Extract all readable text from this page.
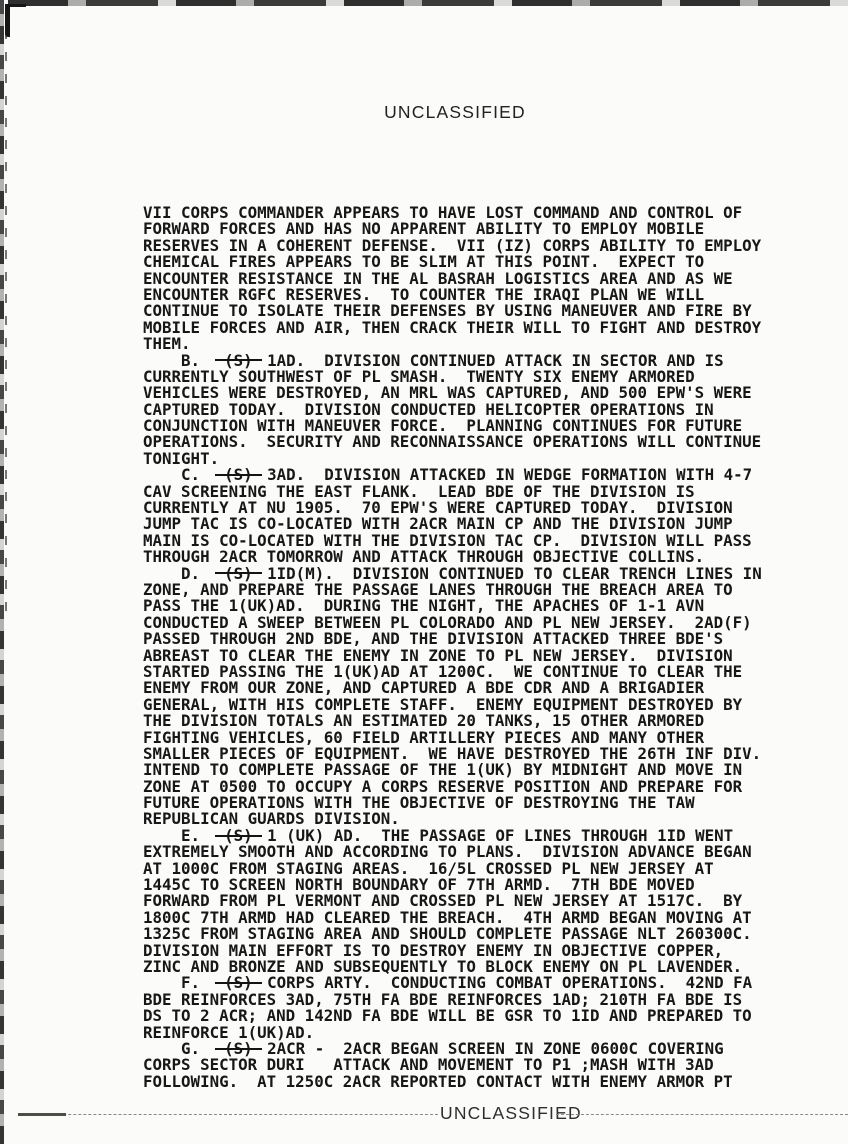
UNCLASSIFIED
VII CORPS COMMANDER APPEARS TO HAVE LOST COMMAND AND CONTROL OF
FORWARD FORCES AND HAS NO APPARENT ABILITY TO EMPLOY MOBILE
RESERVES IN A COHERENT DEFENSE.  VII (IZ) CORPS ABILITY TO EMPLOY
CHEMICAL FIRES APPEARS TO BE SLIM AT THIS POINT.  EXPECT TO
ENCOUNTER RESISTANCE IN THE AL BASRAH LOGISTICS AREA AND AS WE
ENCOUNTER RGFC RESERVES.  TO COUNTER THE IRAQI PLAN WE WILL
CONTINUE TO ISOLATE THEIR DEFENSES BY USING MANEUVER AND FIRE BY
MOBILE FORCES AND AIR, THEN CRACK THEIR WILL TO FIGHT AND DESTROY
THEM.
B.  (S) 1AD.  DIVISION CONTINUED ATTACK IN SECTOR AND IS
CURRENTLY SOUTHWEST OF PL SMASH.  TWENTY SIX ENEMY ARMORED
VEHICLES WERE DESTROYED, AN MRL WAS CAPTURED, AND 500 EPW'S WERE
CAPTURED TODAY.  DIVISION CONDUCTED HELICOPTER OPERATIONS IN
CONJUNCTION WITH MANEUVER FORCE.  PLANNING CONTINUES FOR FUTURE
OPERATIONS.  SECURITY AND RECONNAISSANCE OPERATIONS WILL CONTINUE
TONIGHT.
C.  (S) 3AD.  DIVISION ATTACKED IN WEDGE FORMATION WITH 4-7
CAV SCREENING THE EAST FLANK.  LEAD BDE OF THE DIVISION IS
CURRENTLY AT NU 1905.  70 EPW'S WERE CAPTURED TODAY.  DIVISION
JUMP TAC IS CO-LOCATED WITH 2ACR MAIN CP AND THE DIVISION JUMP
MAIN IS CO-LOCATED WITH THE DIVISION TAC CP.  DIVISION WILL PASS
THROUGH 2ACR TOMORROW AND ATTACK THROUGH OBJECTIVE COLLINS.
D.  (S) 1ID(M).  DIVISION CONTINUED TO CLEAR TRENCH LINES IN
ZONE, AND PREPARE THE PASSAGE LANES THROUGH THE BREACH AREA TO
PASS THE 1(UK)AD.  DURING THE NIGHT, THE APACHES OF 1-1 AVN
CONDUCTED A SWEEP BETWEEN PL COLORADO AND PL NEW JERSEY.  2AD(F)
PASSED THROUGH 2ND BDE, AND THE DIVISION ATTACKED THREE BDE'S
ABREAST TO CLEAR THE ENEMY IN ZONE TO PL NEW JERSEY.  DIVISION
STARTED PASSING THE 1(UK)AD AT 1200C.  WE CONTINUE TO CLEAR THE
ENEMY FROM OUR ZONE, AND CAPTURED A BDE CDR AND A BRIGADIER
GENERAL, WITH HIS COMPLETE STAFF.  ENEMY EQUIPMENT DESTROYED BY
THE DIVISION TOTALS AN ESTIMATED 20 TANKS, 15 OTHER ARMORED
FIGHTING VEHICLES, 60 FIELD ARTILLERY PIECES AND MANY OTHER
SMALLER PIECES OF EQUIPMENT.  WE HAVE DESTROYED THE 26TH INF DIV.
INTEND TO COMPLETE PASSAGE OF THE 1(UK) BY MIDNIGHT AND MOVE IN
ZONE AT 0500 TO OCCUPY A CORPS RESERVE POSITION AND PREPARE FOR
FUTURE OPERATIONS WITH THE OBJECTIVE OF DESTROYING THE TAW
REPUBLICAN GUARDS DIVISION.
E.  (S) 1 (UK) AD.  THE PASSAGE OF LINES THROUGH 1ID WENT
EXTREMELY SMOOTH AND ACCORDING TO PLANS.  DIVISION ADVANCE BEGAN
AT 1000C FROM STAGING AREAS.  16/5L CROSSED PL NEW JERSEY AT
1445C TO SCREEN NORTH BOUNDARY OF 7TH ARMD.  7TH BDE MOVED
FORWARD FROM PL VERMONT AND CROSSED PL NEW JERSEY AT 1517C.  BY
1800C 7TH ARMD HAD CLEARED THE BREACH.  4TH ARMD BEGAN MOVING AT
1325C FROM STAGING AREA AND SHOULD COMPLETE PASSAGE NLT 260300C.
DIVISION MAIN EFFORT IS TO DESTROY ENEMY IN OBJECTIVE COPPER,
ZINC AND BRONZE AND SUBSEQUENTLY TO BLOCK ENEMY ON PL LAVENDER.
F.  (S) CORPS ARTY.  CONDUCTING COMBAT OPERATIONS.  42ND FA
BDE REINFORCES 3AD, 75TH FA BDE REINFORCES 1AD; 210TH FA BDE IS
DS TO 2 ACR; AND 142ND FA BDE WILL BE GSR TO 1ID AND PREPARED TO
REINFORCE 1(UK)AD.
G.  (S) 2ACR -  2ACR BEGAN SCREEN IN ZONE 0600C COVERING
CORPS SECTOR DURI   ATTACK AND MOVEMENT TO P1 ;MASH WITH 3AD
FOLLOWING.  AT 1250C 2ACR REPORTED CONTACT WITH ENEMY ARMOR PT
UNCLASSIFIED
